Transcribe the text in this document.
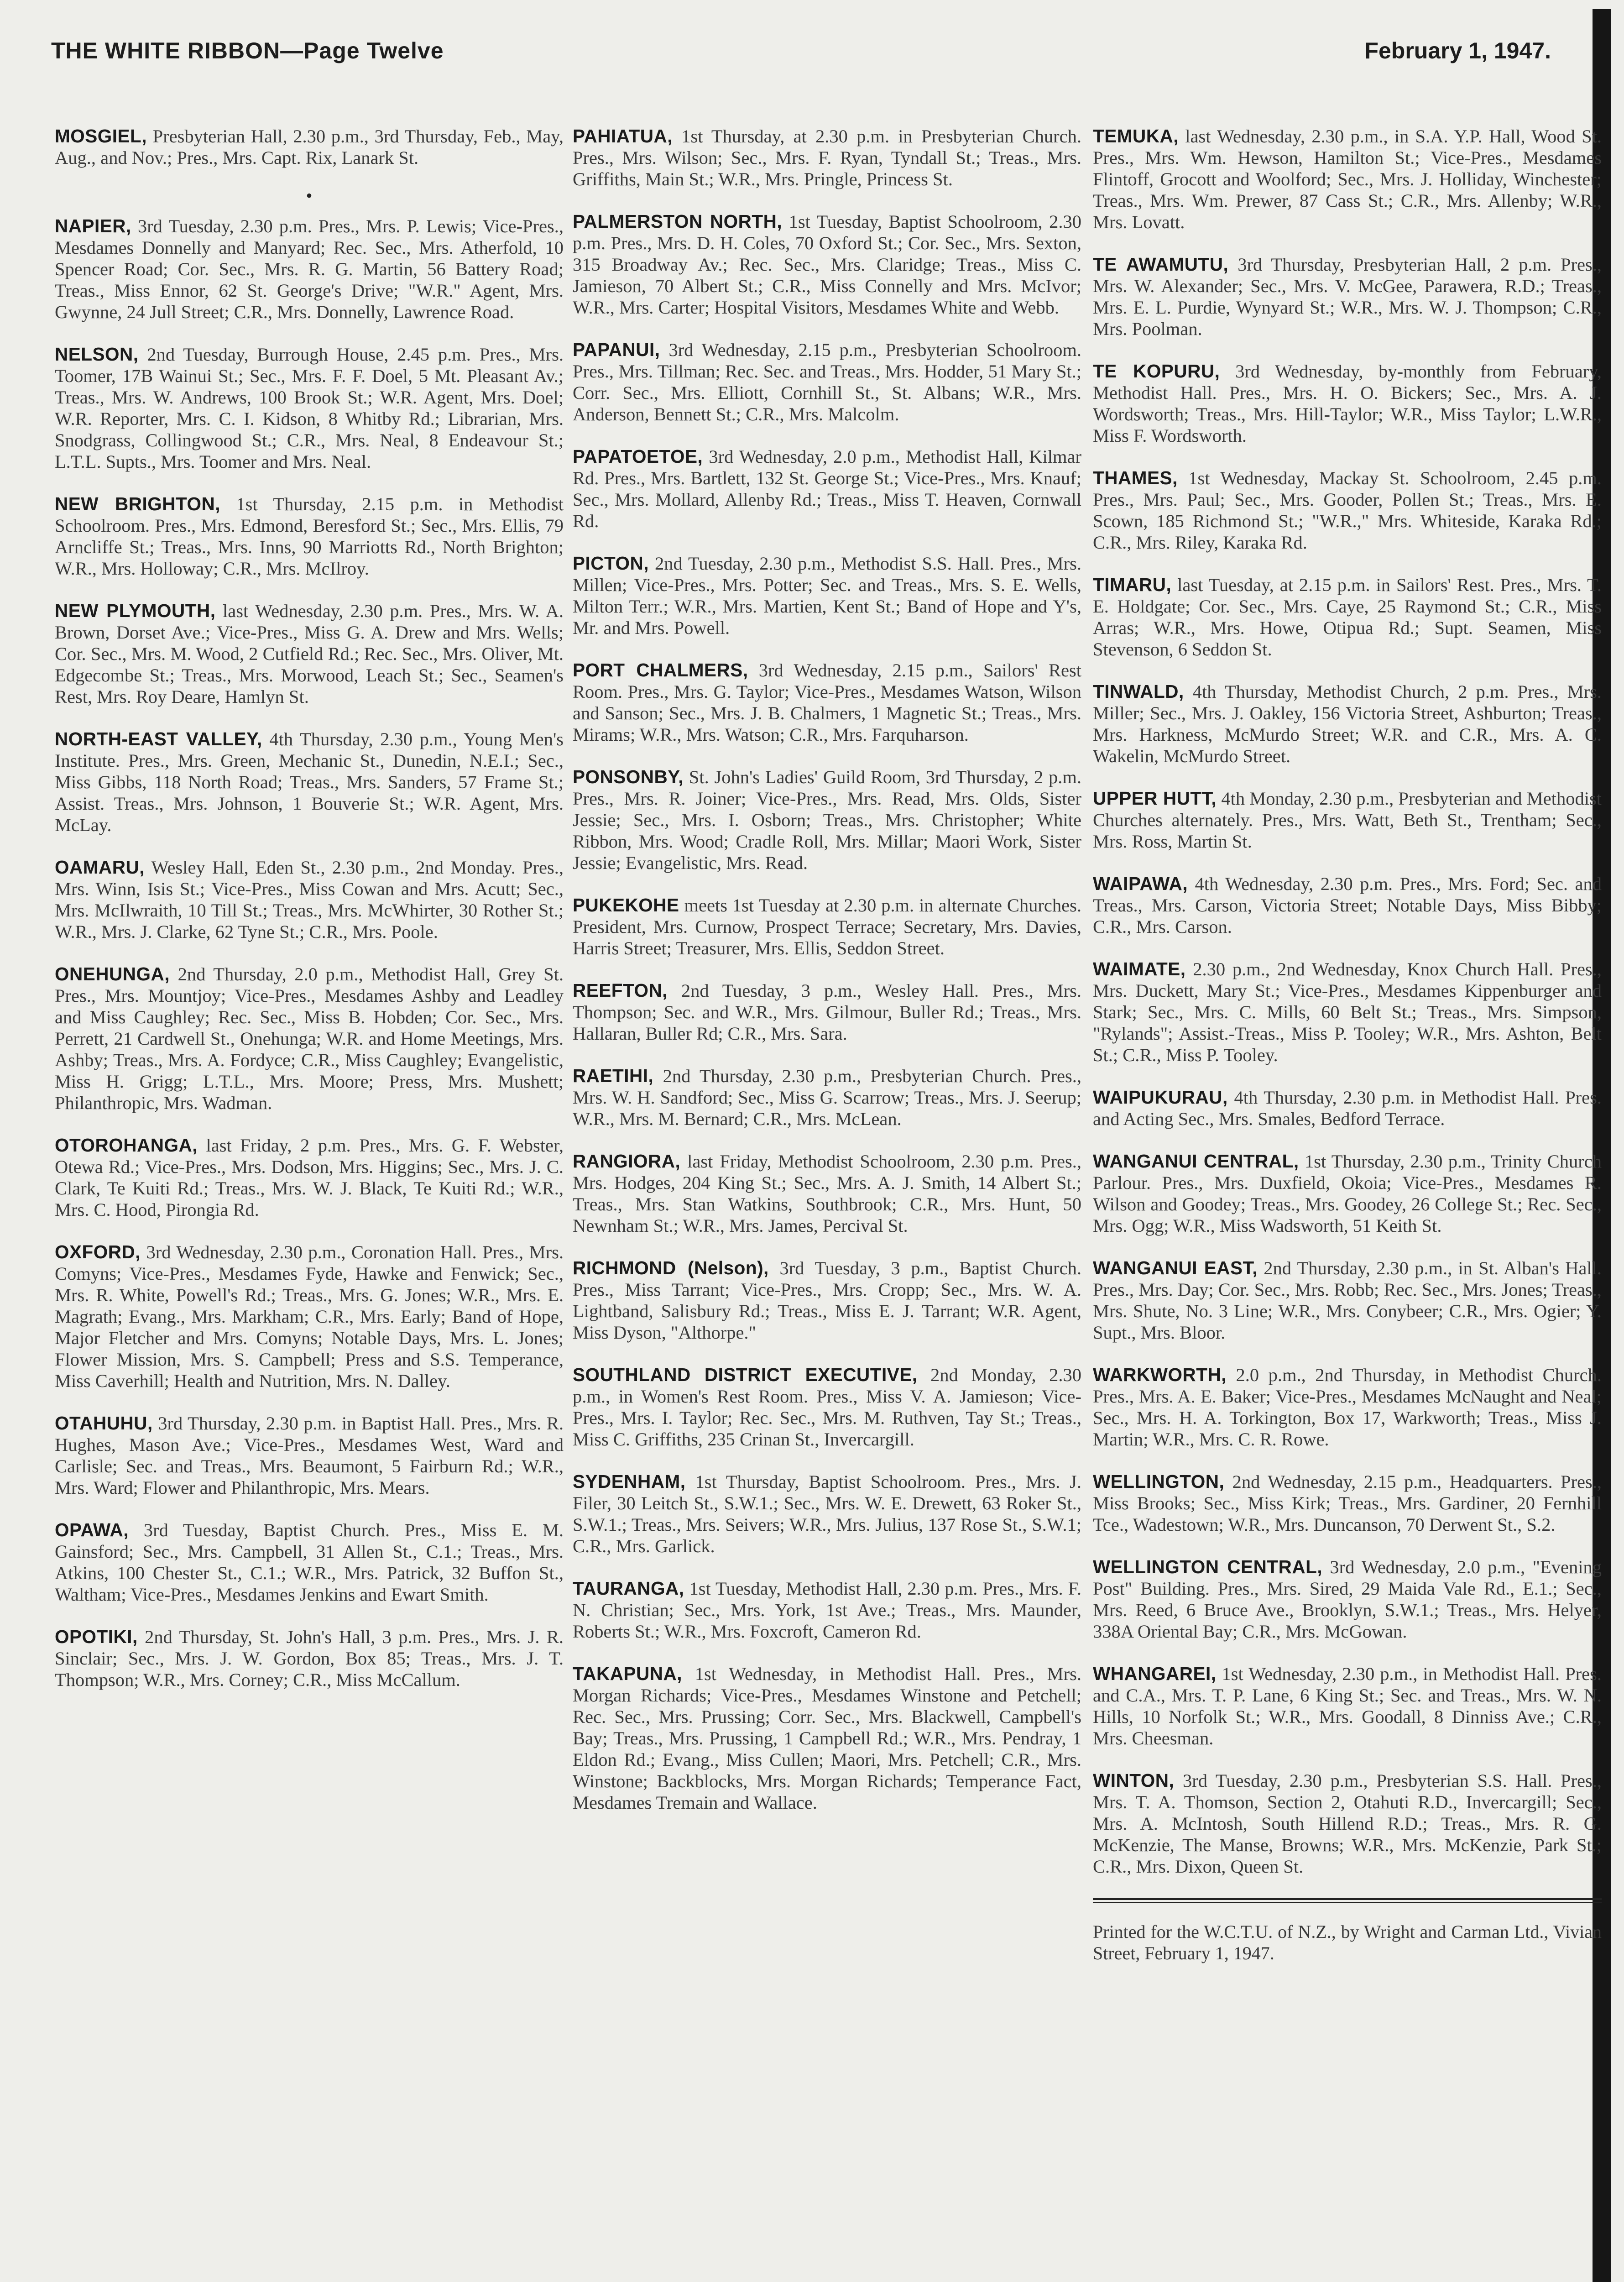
THE WHITE RIBBON—Page Twelve	February 1, 1947.

MOSGIEL, Presbyterian Hall, 2.30 p.m., 3rd Thursday, Feb., May, Aug., and Nov.; Pres., Mrs. Capt. Rix, Lanark St.

•

NAPIER, 3rd Tuesday, 2.30 p.m. Pres., Mrs. P. Lewis; Vice-Pres., Mesdames Donnelly and Manyard; Rec. Sec., Mrs. Atherfold, 10 Spencer Road; Cor. Sec., Mrs. R. G. Martin, 56 Battery Road; Treas., Miss Ennor, 62 St. George's Drive; "W.R." Agent, Mrs. Gwynne, 24 Jull Street; C.R., Mrs. Donnelly, Lawrence Road.

NELSON, 2nd Tuesday, Burrough House, 2.45 p.m. Pres., Mrs. Toomer, 17B Wainui St.; Sec., Mrs. F. F. Doel, 5 Mt. Pleasant Av.; Treas., Mrs. W. Andrews, 100 Brook St.; W.R. Agent, Mrs. Doel; W.R. Reporter, Mrs. C. I. Kidson, 8 Whitby Rd.; Librarian, Mrs. Snodgrass, Collingwood St.; C.R., Mrs. Neal, 8 Endeavour St.; L.T.L. Supts., Mrs. Toomer and Mrs. Neal.

NEW BRIGHTON, 1st Thursday, 2.15 p.m. in Methodist Schoolroom. Pres., Mrs. Edmond, Beresford St.; Sec., Mrs. Ellis, 79 Arncliffe St.; Treas., Mrs. Inns, 90 Marriotts Rd., North Brighton; W.R., Mrs. Holloway; C.R., Mrs. McIlroy.

NEW PLYMOUTH, last Wednesday, 2.30 p.m. Pres., Mrs. W. A. Brown, Dorset Ave.; Vice-Pres., Miss G. A. Drew and Mrs. Wells; Cor. Sec., Mrs. M. Wood, 2 Cutfield Rd.; Rec. Sec., Mrs. Oliver, Mt. Edgecombe St.; Treas., Mrs. Morwood, Leach St.; Sec., Seamen's Rest, Mrs. Roy Deare, Hamlyn St.

NORTH-EAST VALLEY, 4th Thursday, 2.30 p.m., Young Men's Institute. Pres., Mrs. Green, Mechanic St., Dunedin, N.E.I.; Sec., Miss Gibbs, 118 North Road; Treas., Mrs. Sanders, 57 Frame St.; Assist. Treas., Mrs. Johnson, 1 Bouverie St.; W.R. Agent, Mrs. McLay.

OAMARU, Wesley Hall, Eden St., 2.30 p.m., 2nd Monday. Pres., Mrs. Winn, Isis St.; Vice-Pres., Miss Cowan and Mrs. Acutt; Sec., Mrs. McIlwraith, 10 Till St.; Treas., Mrs. McWhirter, 30 Rother St.; W.R., Mrs. J. Clarke, 62 Tyne St.; C.R., Mrs. Poole.

ONEHUNGA, 2nd Thursday, 2.0 p.m., Methodist Hall, Grey St. Pres., Mrs. Mountjoy; Vice-Pres., Mesdames Ashby and Leadley and Miss Caughley; Rec. Sec., Miss B. Hobden; Cor. Sec., Mrs. Perrett, 21 Cardwell St., Onehunga; W.R. and Home Meetings, Mrs. Ashby; Treas., Mrs. A. Fordyce; C.R., Miss Caughley; Evangelistic, Miss H. Grigg; L.T.L., Mrs. Moore; Press, Mrs. Mushett; Philanthropic, Mrs. Wadman.

OTOROHANGA, last Friday, 2 p.m. Pres., Mrs. G. F. Webster, Otewa Rd.; Vice-Pres., Mrs. Dodson, Mrs. Higgins; Sec., Mrs. J. C. Clark, Te Kuiti Rd.; Treas., Mrs. W. J. Black, Te Kuiti Rd.; W.R., Mrs. C. Hood, Pirongia Rd.

OXFORD, 3rd Wednesday, 2.30 p.m., Coronation Hall. Pres., Mrs. Comyns; Vice-Pres., Mesdames Fyde, Hawke and Fenwick; Sec., Mrs. R. White, Powell's Rd.; Treas., Mrs. G. Jones; W.R., Mrs. E. Magrath; Evang., Mrs. Markham; C.R., Mrs. Early; Band of Hope, Major Fletcher and Mrs. Comyns; Notable Days, Mrs. L. Jones; Flower Mission, Mrs. S. Campbell; Press and S.S. Temperance, Miss Caverhill; Health and Nutrition, Mrs. N. Dalley.

OTAHUHU, 3rd Thursday, 2.30 p.m. in Baptist Hall. Pres., Mrs. R. Hughes, Mason Ave.; Vice-Pres., Mesdames West, Ward and Carlisle; Sec. and Treas., Mrs. Beaumont, 5 Fairburn Rd.; W.R., Mrs. Ward; Flower and Philanthropic, Mrs. Mears.

OPAWA, 3rd Tuesday, Baptist Church. Pres., Miss E. M. Gainsford; Sec., Mrs. Campbell, 31 Allen St., C.1.; Treas., Mrs. Atkins, 100 Chester St., C.1.; W.R., Mrs. Patrick, 32 Buffon St., Waltham; Vice-Pres., Mesdames Jenkins and Ewart Smith.

OPOTIKI, 2nd Thursday, St. John's Hall, 3 p.m. Pres., Mrs. J. R. Sinclair; Sec., Mrs. J. W. Gordon, Box 85; Treas., Mrs. J. T. Thompson; W.R., Mrs. Corney; C.R., Miss McCallum.

PAHIATUA, 1st Thursday, at 2.30 p.m. in Presbyterian Church. Pres., Mrs. Wilson; Sec., Mrs. F. Ryan, Tyndall St.; Treas., Mrs. Griffiths, Main St.; W.R., Mrs. Pringle, Princess St.

PALMERSTON NORTH, 1st Tuesday, Baptist Schoolroom, 2.30 p.m. Pres., Mrs. D. H. Coles, 70 Oxford St.; Cor. Sec., Mrs. Sexton, 315 Broadway Av.; Rec. Sec., Mrs. Claridge; Treas., Miss C. Jamieson, 70 Albert St.; C.R., Miss Connelly and Mrs. McIvor; W.R., Mrs. Carter; Hospital Visitors, Mesdames White and Webb.

PAPANUI, 3rd Wednesday, 2.15 p.m., Presbyterian Schoolroom. Pres., Mrs. Tillman; Rec. Sec. and Treas., Mrs. Hodder, 51 Mary St.; Corr. Sec., Mrs. Elliott, Cornhill St., St. Albans; W.R., Mrs. Anderson, Bennett St.; C.R., Mrs. Malcolm.

PAPATOETOE, 3rd Wednesday, 2.0 p.m., Methodist Hall, Kilmar Rd. Pres., Mrs. Bartlett, 132 St. George St.; Vice-Pres., Mrs. Knauf; Sec., Mrs. Mollard, Allenby Rd.; Treas., Miss T. Heaven, Cornwall Rd.

PICTON, 2nd Tuesday, 2.30 p.m., Methodist S.S. Hall. Pres., Mrs. Millen; Vice-Pres., Mrs. Potter; Sec. and Treas., Mrs. S. E. Wells, Milton Terr.; W.R., Mrs. Martien, Kent St.; Band of Hope and Y's, Mr. and Mrs. Powell.

PORT CHALMERS, 3rd Wednesday, 2.15 p.m., Sailors' Rest Room. Pres., Mrs. G. Taylor; Vice-Pres., Mesdames Watson, Wilson and Sanson; Sec., Mrs. J. B. Chalmers, 1 Magnetic St.; Treas., Mrs. Mirams; W.R., Mrs. Watson; C.R., Mrs. Farquharson.

PONSONBY, St. John's Ladies' Guild Room, 3rd Thursday, 2 p.m. Pres., Mrs. R. Joiner; Vice-Pres., Mrs. Read, Mrs. Olds, Sister Jessie; Sec., Mrs. I. Osborn; Treas., Mrs. Christopher; White Ribbon, Mrs. Wood; Cradle Roll, Mrs. Millar; Maori Work, Sister Jessie; Evangelistic, Mrs. Read.

PUKEKOHE meets 1st Tuesday at 2.30 p.m. in alternate Churches. President, Mrs. Curnow, Prospect Terrace; Secretary, Mrs. Davies, Harris Street; Treasurer, Mrs. Ellis, Seddon Street.

REEFTON, 2nd Tuesday, 3 p.m., Wesley Hall. Pres., Mrs. Thompson; Sec. and W.R., Mrs. Gilmour, Buller Rd.; Treas., Mrs. Hallaran, Buller Rd; C.R., Mrs. Sara.

RAETIHI, 2nd Thursday, 2.30 p.m., Presbyterian Church. Pres., Mrs. W. H. Sandford; Sec., Miss G. Scarrow; Treas., Mrs. J. Seerup; W.R., Mrs. M. Bernard; C.R., Mrs. McLean.

RANGIORA, last Friday, Methodist Schoolroom, 2.30 p.m. Pres., Mrs. Hodges, 204 King St.; Sec., Mrs. A. J. Smith, 14 Albert St.; Treas., Mrs. Stan Watkins, Southbrook; C.R., Mrs. Hunt, 50 Newnham St.; W.R., Mrs. James, Percival St.

RICHMOND (Nelson), 3rd Tuesday, 3 p.m., Baptist Church. Pres., Miss Tarrant; Vice-Pres., Mrs. Cropp; Sec., Mrs. W. A. Lightband, Salisbury Rd.; Treas., Miss E. J. Tarrant; W.R. Agent, Miss Dyson, "Althorpe."

SOUTHLAND DISTRICT EXECUTIVE, 2nd Monday, 2.30 p.m., in Women's Rest Room. Pres., Miss V. A. Jamieson; Vice-Pres., Mrs. I. Taylor; Rec. Sec., Mrs. M. Ruthven, Tay St.; Treas., Miss C. Griffiths, 235 Crinan St., Invercargill.

SYDENHAM, 1st Thursday, Baptist Schoolroom. Pres., Mrs. J. Filer, 30 Leitch St., S.W.1.; Sec., Mrs. W. E. Drewett, 63 Roker St., S.W.1.; Treas., Mrs. Seivers; W.R., Mrs. Julius, 137 Rose St., S.W.1; C.R., Mrs. Garlick.

TAURANGA, 1st Tuesday, Methodist Hall, 2.30 p.m. Pres., Mrs. F. N. Christian; Sec., Mrs. York, 1st Ave.; Treas., Mrs. Maunder, Roberts St.; W.R., Mrs. Foxcroft, Cameron Rd.

TAKAPUNA, 1st Wednesday, in Methodist Hall. Pres., Mrs. Morgan Richards; Vice-Pres., Mesdames Winstone and Petchell; Rec. Sec., Mrs. Prussing; Corr. Sec., Mrs. Blackwell, Campbell's Bay; Treas., Mrs. Prussing, 1 Campbell Rd.; W.R., Mrs. Pendray, 1 Eldon Rd.; Evang., Miss Cullen; Maori, Mrs. Petchell; C.R., Mrs. Winstone; Backblocks, Mrs. Morgan Richards; Temperance Fact, Mesdames Tremain and Wallace.

TEMUKA, last Wednesday, 2.30 p.m., in S.A. Y.P. Hall, Wood St. Pres., Mrs. Wm. Hewson, Hamilton St.; Vice-Pres., Mesdames Flintoff, Grocott and Woolford; Sec., Mrs. J. Holliday, Winchester; Treas., Mrs. Wm. Prewer, 87 Cass St.; C.R., Mrs. Allenby; W.R., Mrs. Lovatt.

TE AWAMUTU, 3rd Thursday, Presbyterian Hall, 2 p.m. Pres., Mrs. W. Alexander; Sec., Mrs. V. McGee, Parawera, R.D.; Treas., Mrs. E. L. Purdie, Wynyard St.; W.R., Mrs. W. J. Thompson; C.R., Mrs. Poolman.

TE KOPURU, 3rd Wednesday, by-monthly from February, Methodist Hall. Pres., Mrs. H. O. Bickers; Sec., Mrs. A. J. Wordsworth; Treas., Mrs. Hill-Taylor; W.R., Miss Taylor; L.W.R., Miss F. Wordsworth.

THAMES, 1st Wednesday, Mackay St. Schoolroom, 2.45 p.m. Pres., Mrs. Paul; Sec., Mrs. Gooder, Pollen St.; Treas., Mrs. E. Scown, 185 Richmond St.; "W.R.," Mrs. Whiteside, Karaka Rd.; C.R., Mrs. Riley, Karaka Rd.

TIMARU, last Tuesday, at 2.15 p.m. in Sailors' Rest. Pres., Mrs. T. E. Holdgate; Cor. Sec., Mrs. Caye, 25 Raymond St.; C.R., Miss Arras; W.R., Mrs. Howe, Otipua Rd.; Supt. Seamen, Miss Stevenson, 6 Seddon St.

TINWALD, 4th Thursday, Methodist Church, 2 p.m. Pres., Mrs. Miller; Sec., Mrs. J. Oakley, 156 Victoria Street, Ashburton; Treas., Mrs. Harkness, McMurdo Street; W.R. and C.R., Mrs. A. C. Wakelin, McMurdo Street.

UPPER HUTT, 4th Monday, 2.30 p.m., Presbyterian and Methodist Churches alternately. Pres., Mrs. Watt, Beth St., Trentham; Sec., Mrs. Ross, Martin St.

WAIPAWA, 4th Wednesday, 2.30 p.m. Pres., Mrs. Ford; Sec. and Treas., Mrs. Carson, Victoria Street; Notable Days, Miss Bibby; C.R., Mrs. Carson.

WAIMATE, 2.30 p.m., 2nd Wednesday, Knox Church Hall. Pres., Mrs. Duckett, Mary St.; Vice-Pres., Mesdames Kippenburger and Stark; Sec., Mrs. C. Mills, 60 Belt St.; Treas., Mrs. Simpson, "Rylands"; Assist.-Treas., Miss P. Tooley; W.R., Mrs. Ashton, Belt St.; C.R., Miss P. Tooley.

WAIPUKURAU, 4th Thursday, 2.30 p.m. in Methodist Hall. Pres. and Acting Sec., Mrs. Smales, Bedford Terrace.

WANGANUI CENTRAL, 1st Thursday, 2.30 p.m., Trinity Church Parlour. Pres., Mrs. Duxfield, Okoia; Vice-Pres., Mesdames R. Wilson and Goodey; Treas., Mrs. Goodey, 26 College St.; Rec. Sec., Mrs. Ogg; W.R., Miss Wadsworth, 51 Keith St.

WANGANUI EAST, 2nd Thursday, 2.30 p.m., in St. Alban's Hall. Pres., Mrs. Day; Cor. Sec., Mrs. Robb; Rec. Sec., Mrs. Jones; Treas., Mrs. Shute, No. 3 Line; W.R., Mrs. Conybeer; C.R., Mrs. Ogier; Y. Supt., Mrs. Bloor.

WARKWORTH, 2.0 p.m., 2nd Thursday, in Methodist Church. Pres., Mrs. A. E. Baker; Vice-Pres., Mesdames McNaught and Neal; Sec., Mrs. H. A. Torkington, Box 17, Warkworth; Treas., Miss J. Martin; W.R., Mrs. C. R. Rowe.

WELLINGTON, 2nd Wednesday, 2.15 p.m., Headquarters. Pres., Miss Brooks; Sec., Miss Kirk; Treas., Mrs. Gardiner, 20 Fernhill Tce., Wadestown; W.R., Mrs. Duncanson, 70 Derwent St., S.2.

WELLINGTON CENTRAL, 3rd Wednesday, 2.0 p.m., "Evening Post" Building. Pres., Mrs. Sired, 29 Maida Vale Rd., E.1.; Sec., Mrs. Reed, 6 Bruce Ave., Brooklyn, S.W.1.; Treas., Mrs. Helyer, 338A Oriental Bay; C.R., Mrs. McGowan.

WHANGAREI, 1st Wednesday, 2.30 p.m., in Methodist Hall. Pres. and C.A., Mrs. T. P. Lane, 6 King St.; Sec. and Treas., Mrs. W. N. Hills, 10 Norfolk St.; W.R., Mrs. Goodall, 8 Dinniss Ave.; C.R., Mrs. Cheesman.

WINTON, 3rd Tuesday, 2.30 p.m., Presbyterian S.S. Hall. Pres., Mrs. T. A. Thomson, Section 2, Otahuti R.D., Invercargill; Sec., Mrs. A. McIntosh, South Hillend R.D.; Treas., Mrs. R. G. McKenzie, The Manse, Browns; W.R., Mrs. McKenzie, Park St.; C.R., Mrs. Dixon, Queen St.

Printed for the W.C.T.U. of N.Z., by Wright and Carman Ltd., Vivian Street, February 1, 1947.
